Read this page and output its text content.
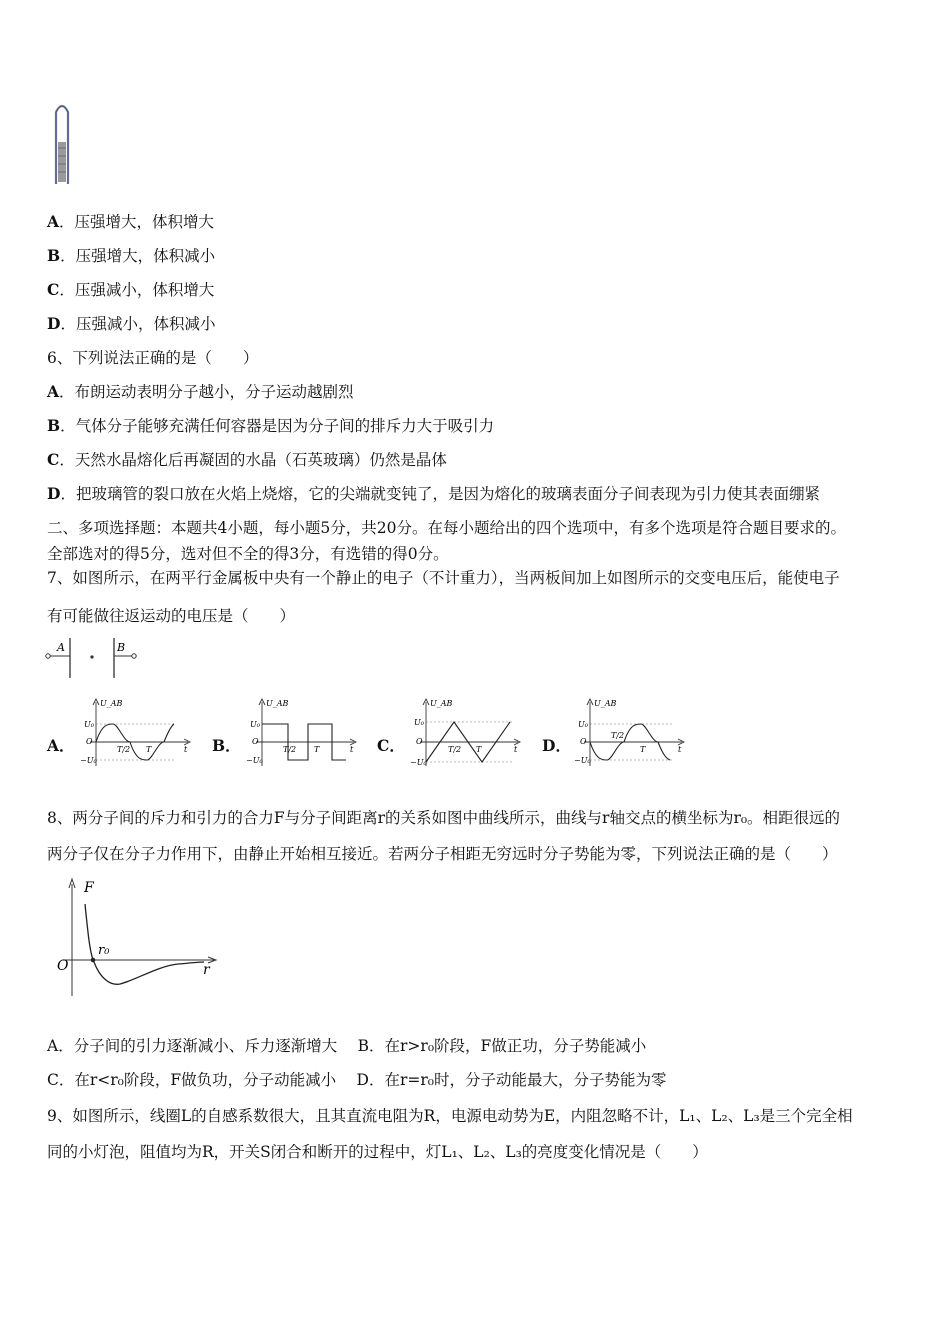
A．压强增大，体积增大
B．压强增大，体积减小
C．压强减小，体积增大
D．压强减小，体积减小
6、下列说法正确的是（　　）
A．布朗运动表明分子越小，分子运动越剧烈
B．气体分子能够充满任何容器是因为分子间的排斥力大于吸引力
C．天然水晶熔化后再凝固的水晶（石英玻璃）仍然是晶体
D．把玻璃管的裂口放在火焰上烧熔，它的尖端就变钝了，是因为熔化的玻璃表面分子间表现为引力使其表面绷紧
二、多项选择题：本题共4小题，每小题5分，共20分。在每小题给出的四个选项中，有多个选项是符合题目要求的。
全部选对的得5分，选对但不全的得3分，有选错的得0分。
7、如图所示，在两平行金属板中央有一个静止的电子（不计重力），当两板间加上如图所示的交变电压后，能使电子
有可能做往返运动的电压是（　　）
A	B
A．
U_AB
U₀
O
−U₀
T/2 T	t B．
U_AB
U₀
O
−U₀
T/2 T	t C．
U_AB
U₀
O
−U₀
T/2 T	t D．
U_AB
U₀
O
−U₀
T/2
T	t
8、两分子间的斥力和引力的合力F与分子间距离r的关系如图中曲线所示，曲线与r轴交点的横坐标为r₀。相距很远的
两分子仅在分子力作用下，由静止开始相互接近。若两分子相距无穷远时分子势能为零，下列说法正确的是（　　）
F
r
O
r₀
A．分子间的引力逐渐减小、斥力逐渐增大　 B．在r>r₀阶段，F做正功，分子势能减小
C．在r<r₀阶段，F做负功，分子动能减小　 D．在r=r₀时，分子动能最大，分子势能为零
9、如图所示，线圈L的自感系数很大，且其直流电阻为R，电源电动势为E，内阻忽略不计，L₁、L₂、L₃是三个完全相
同的小灯泡，阻值均为R，开关S闭合和断开的过程中，灯L₁、L₂、L₃的亮度变化情况是（　　）
